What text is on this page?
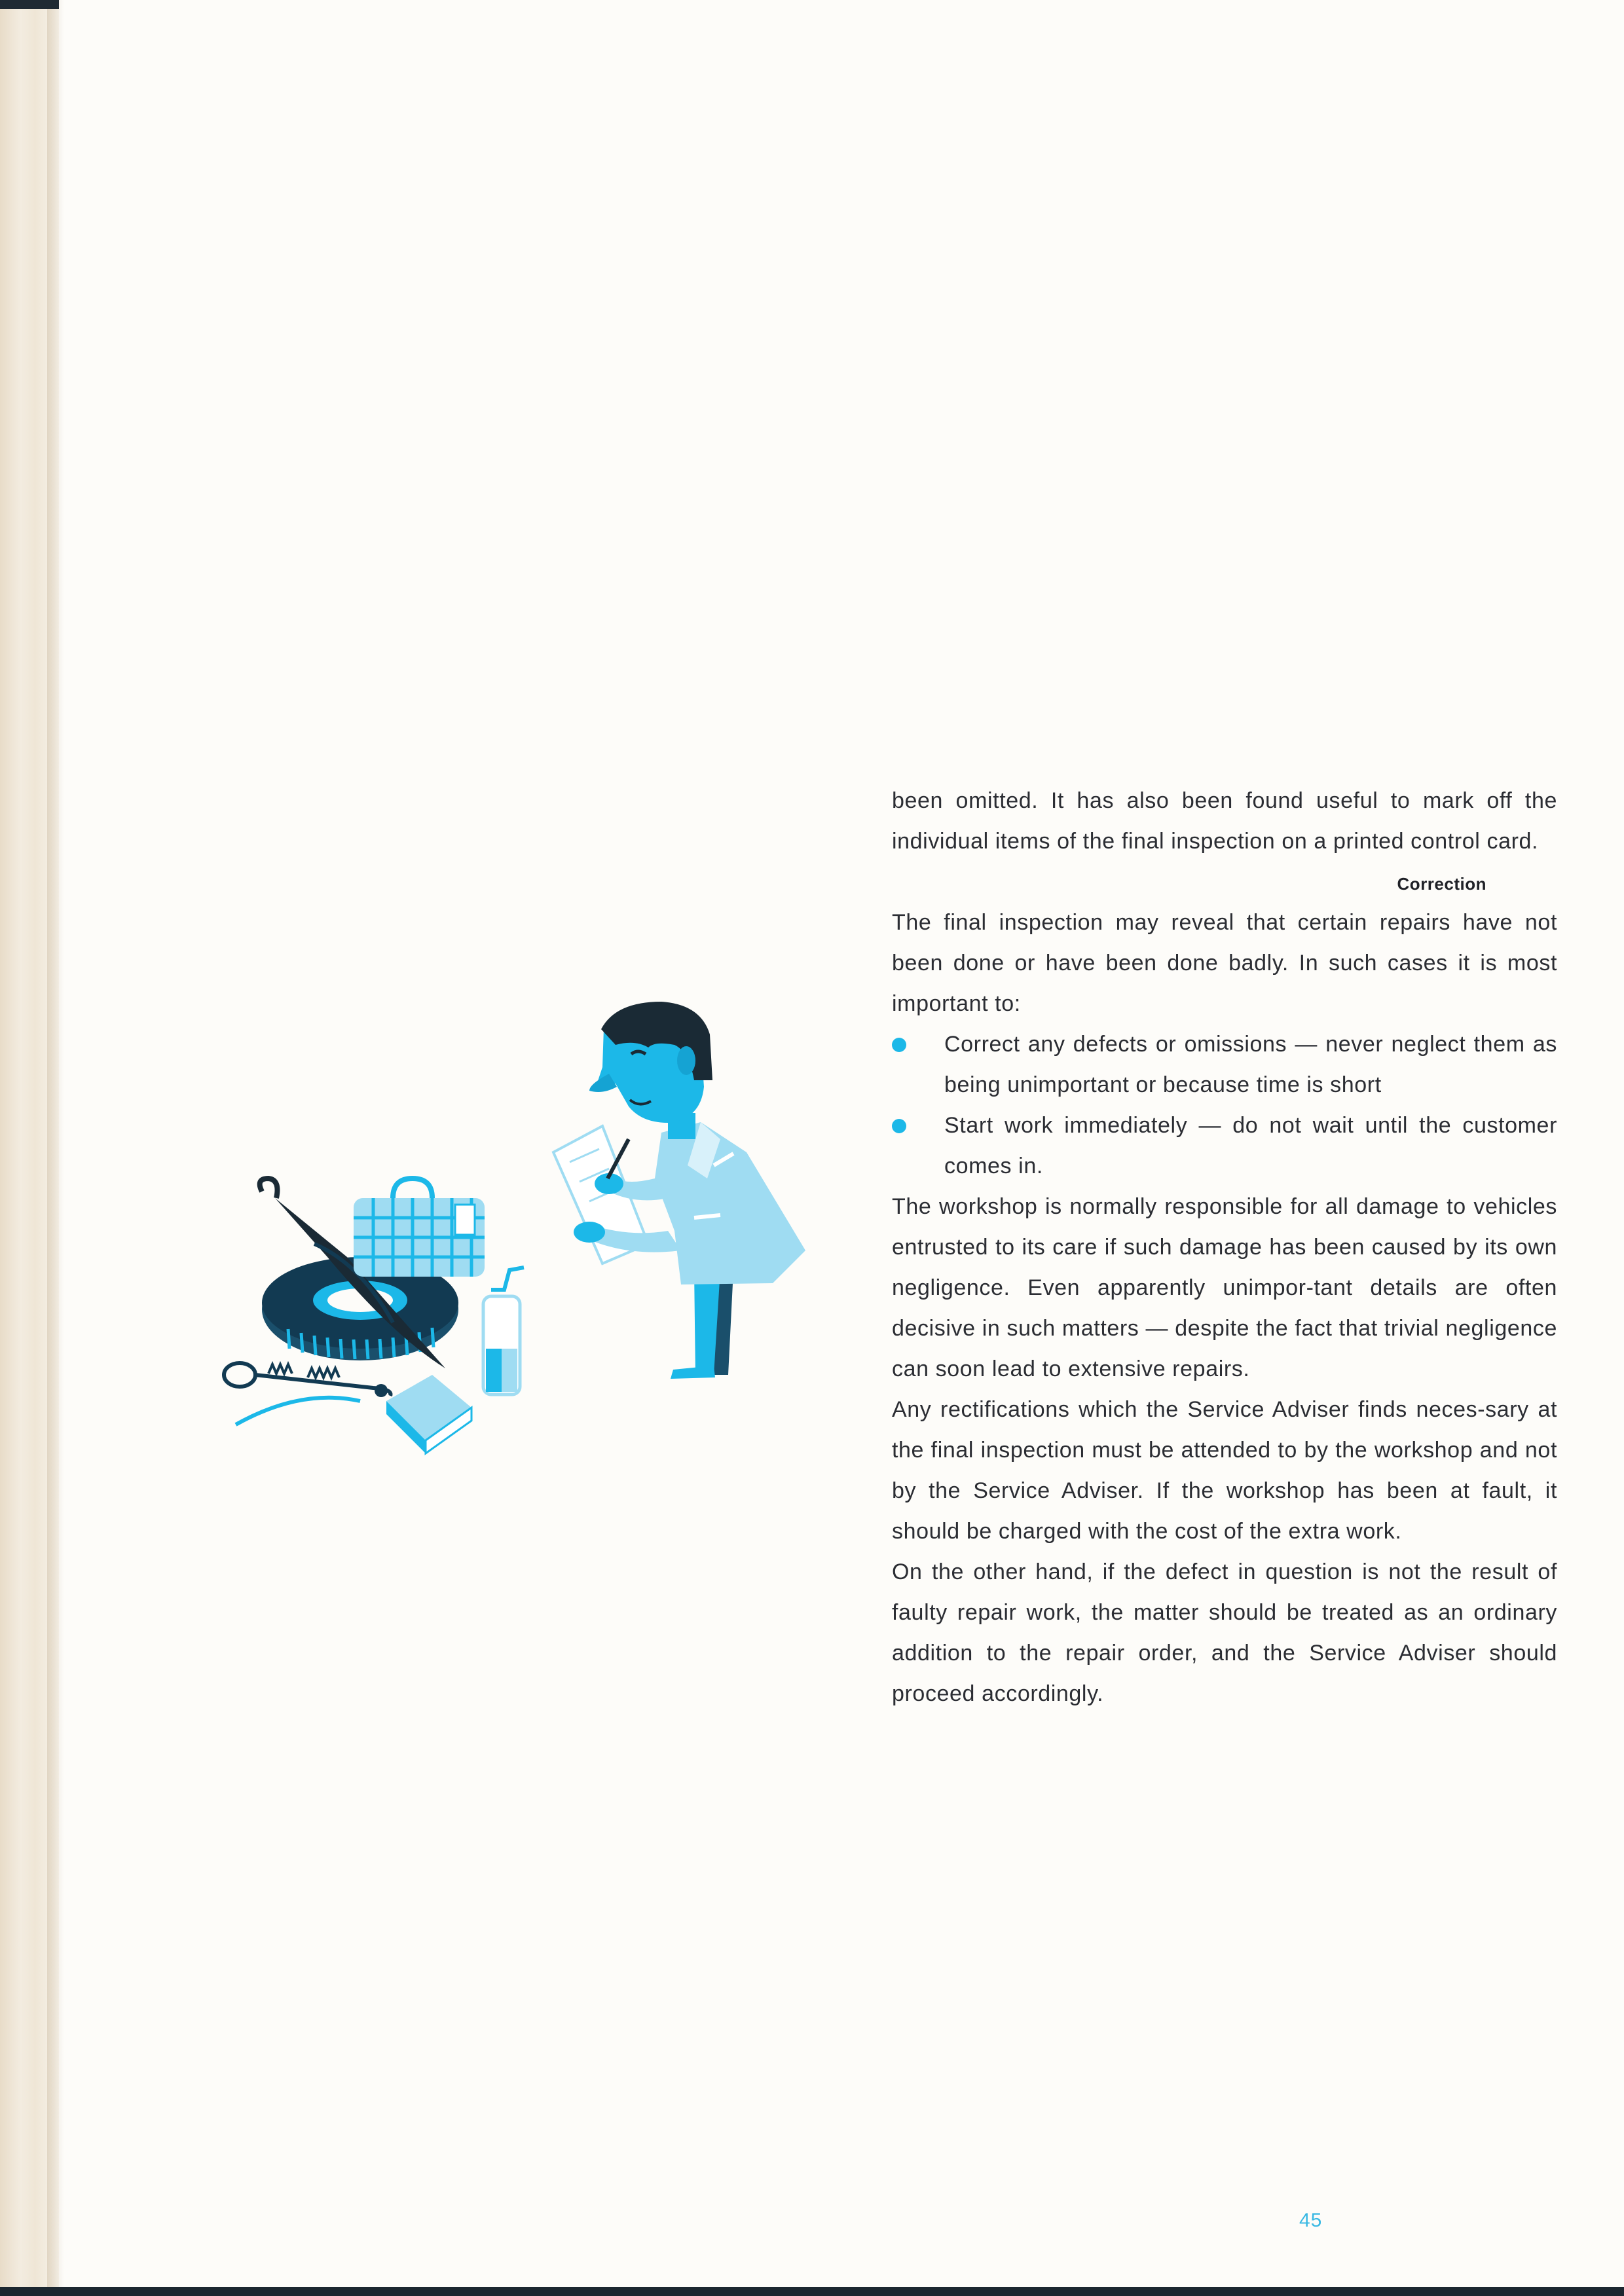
been omitted. It has also been found useful to mark off the individual items of the final inspection on a printed control card.

Correction

The final inspection may reveal that certain repairs have not been done or have been done badly. In such cases it is most important to:

Correct any defects or omissions — never neglect them as being unimportant or because time is short
Start work immediately — do not wait until the customer comes in.

The workshop is normally responsible for all damage to vehicles entrusted to its care if such damage has been caused by its own negligence. Even apparently unimpor-tant details are often decisive in such matters — despite the fact that trivial negligence can soon lead to extensive repairs.

Any rectifications which the Service Adviser finds neces-sary at the final inspection must be attended to by the workshop and not by the Service Adviser. If the workshop has been at fault, it should be charged with the cost of the extra work.

On the other hand, if the defect in question is not the result of faulty repair work, the matter should be treated as an ordinary addition to the repair order, and the Service Adviser should proceed accordingly.

45
